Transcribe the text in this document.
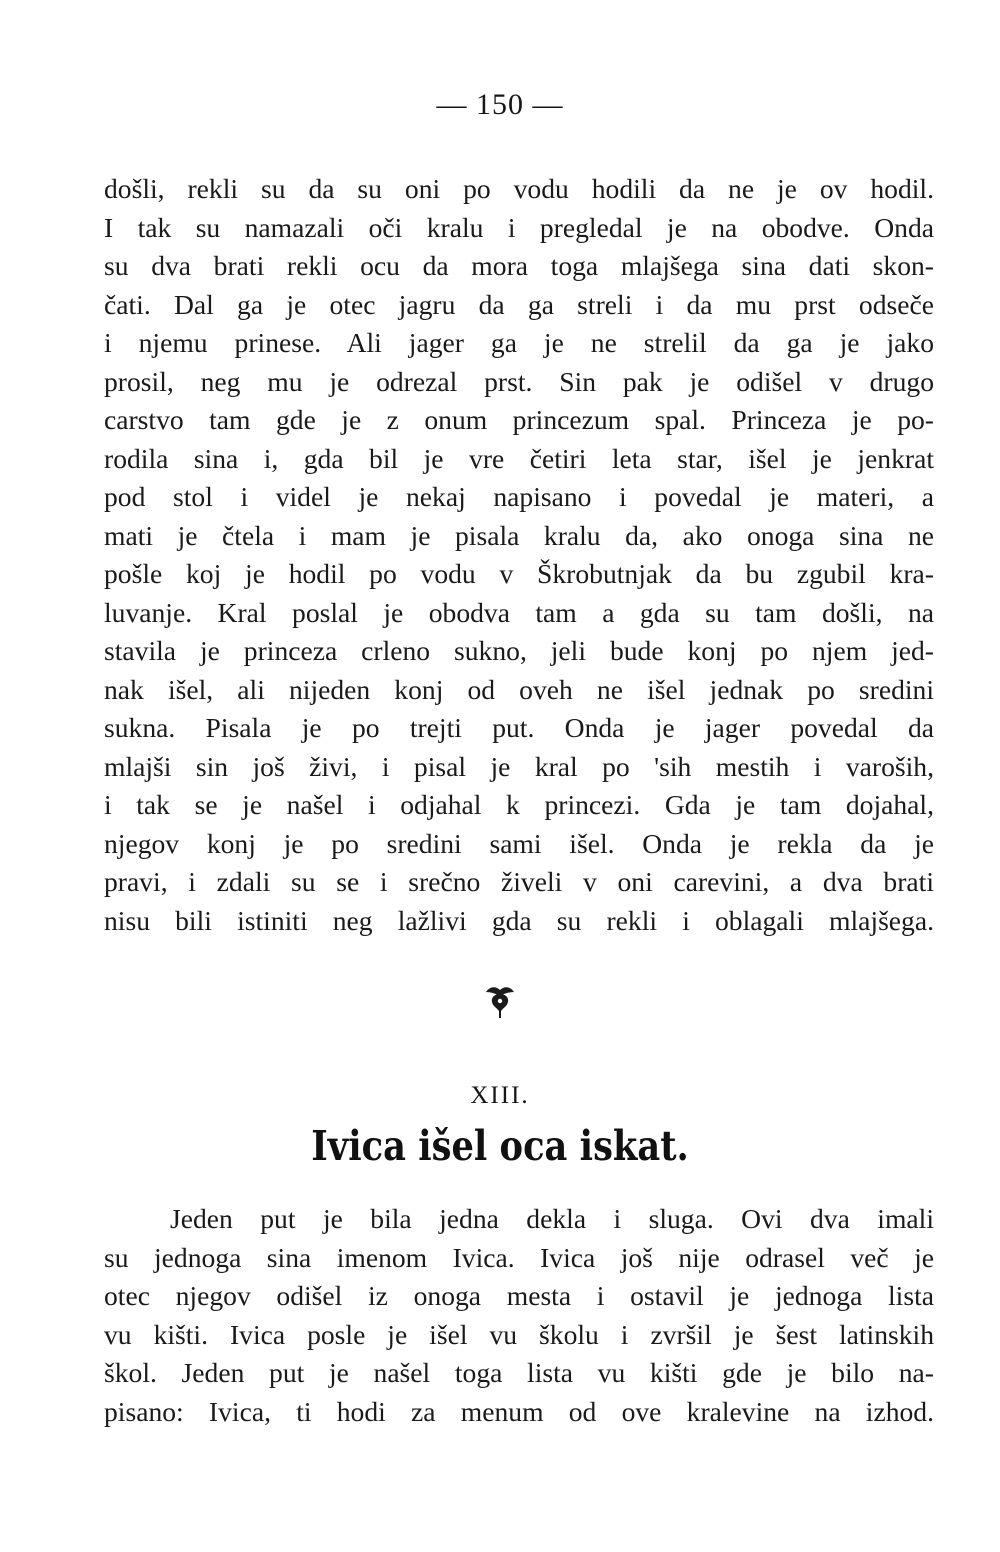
— 150 —

došli, rekli su da su oni po vodu hodili da ne je ov hodil.
I tak su namazali oči kralu i pregledal je na obodve. Onda
su dva brati rekli ocu da mora toga mlajšega sina dati skon-
čati. Dal ga je otec jagru da ga streli i da mu prst odseče
i njemu prinese. Ali jager ga je ne strelil da ga je jako
prosil, neg mu je odrezal prst. Sin pak je odišel v drugo
carstvo tam gde je z onum princezum spal. Princeza je po-
rodila sina i, gda bil je vre četiri leta star, išel je jenkrat
pod stol i videl je nekaj napisano i povedal je materi, a
mati je čtela i mam je pisala kralu da, ako onoga sina ne
pošle koj je hodil po vodu v Škrobutnjak da bu zgubil kra-
luvanje. Kral poslal je obodva tam a gda su tam došli, na
stavila je princeza crleno sukno, jeli bude konj po njem jed-
nak išel, ali nijeden konj od oveh ne išel jednak po sredini
sukna. Pisala je po trejti put. Onda je jager povedal da
mlajši sin još živi, i pisal je kral po 'sih mestih i varoših,
i tak se je našel i odjahal k princezi. Gda je tam dojahal,
njegov konj je po sredini sami išel. Onda je rekla da je
pravi, i zdali su se i srečno živeli v oni carevini, a dva brati
nisu bili istiniti neg lažlivi gda su rekli i oblagali mlajšega.

XIII.

Ivica išel oca iskat.
Jeden put je bila jedna dekla i sluga. Ovi dva imali
su jednoga sina imenom Ivica. Ivica još nije odrasel več je
otec njegov odišel iz onoga mesta i ostavil je jednoga lista
vu kišti. Ivica posle je išel vu školu i zvršil je šest latinskih
škol. Jeden put je našel toga lista vu kišti gde je bilo na-
pisano: Ivica, ti hodi za menum od ove kralevine na izhod.
